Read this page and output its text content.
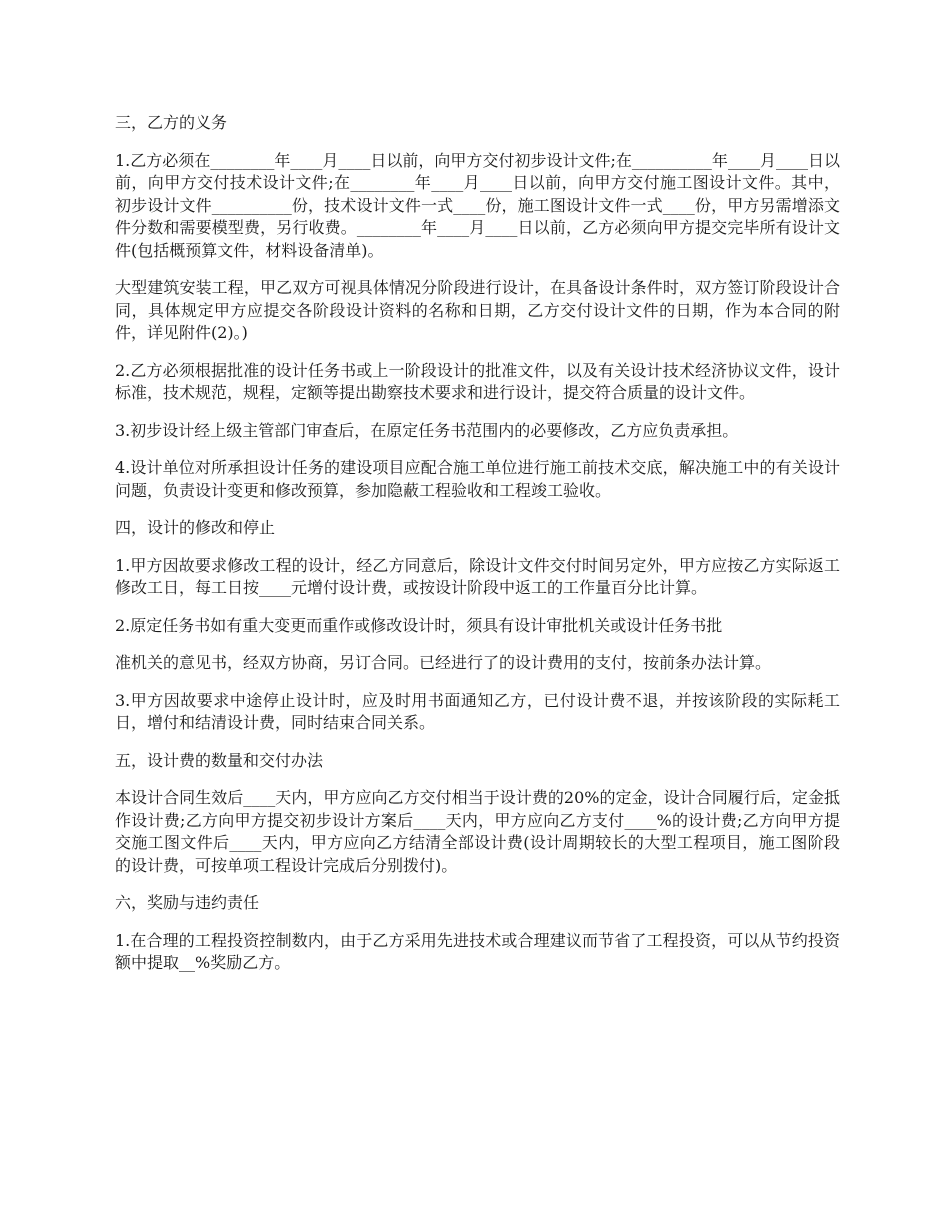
三，乙方的义务

1.乙方必须在________年____月____日以前，向甲方交付初步设计文件;在__________年____月____日以前，向甲方交付技术设计文件;在________年____月____日以前，向甲方交付施工图设计文件。其中，初步设计文件__________份，技术设计文件一式____份，施工图设计文件一式____份，甲方另需增添文件分数和需要模型费，另行收费。________年____月____日以前，乙方必须向甲方提交完毕所有设计文件(包括概预算文件，材料设备清单)。

大型建筑安装工程，甲乙双方可视具体情况分阶段进行设计，在具备设计条件时，双方签订阶段设计合同，具体规定甲方应提交各阶段设计资料的名称和日期，乙方交付设计文件的日期，作为本合同的附件，详见附件(2)。)

2.乙方必须根据批准的设计任务书或上一阶段设计的批准文件，以及有关设计技术经济协议文件，设计标准，技术规范，规程，定额等提出勘察技术要求和进行设计，提交符合质量的设计文件。

3.初步设计经上级主管部门审查后，在原定任务书范围内的必要修改，乙方应负责承担。

4.设计单位对所承担设计任务的建设项目应配合施工单位进行施工前技术交底，解决施工中的有关设计问题，负责设计变更和修改预算，参加隐蔽工程验收和工程竣工验收。

四，设计的修改和停止

1.甲方因故要求修改工程的设计，经乙方同意后，除设计文件交付时间另定外，甲方应按乙方实际返工修改工日，每工日按____元增付设计费，或按设计阶段中返工的工作量百分比计算。

2.原定任务书如有重大变更而重作或修改设计时，须具有设计审批机关或设计任务书批

准机关的意见书，经双方协商，另订合同。已经进行了的设计费用的支付，按前条办法计算。

3.甲方因故要求中途停止设计时，应及时用书面通知乙方，已付设计费不退，并按该阶段的实际耗工日，增付和结清设计费，同时结束合同关系。

五，设计费的数量和交付办法

本设计合同生效后____天内，甲方应向乙方交付相当于设计费的20%的定金，设计合同履行后，定金抵作设计费;乙方向甲方提交初步设计方案后____天内，甲方应向乙方支付____%的设计费;乙方向甲方提交施工图文件后____天内，甲方应向乙方结清全部设计费(设计周期较长的大型工程项目，施工图阶段的设计费，可按单项工程设计完成后分别拨付)。

六，奖励与违约责任

1.在合理的工程投资控制数内，由于乙方采用先进技术或合理建议而节省了工程投资，可以从节约投资额中提取__%奖励乙方。
